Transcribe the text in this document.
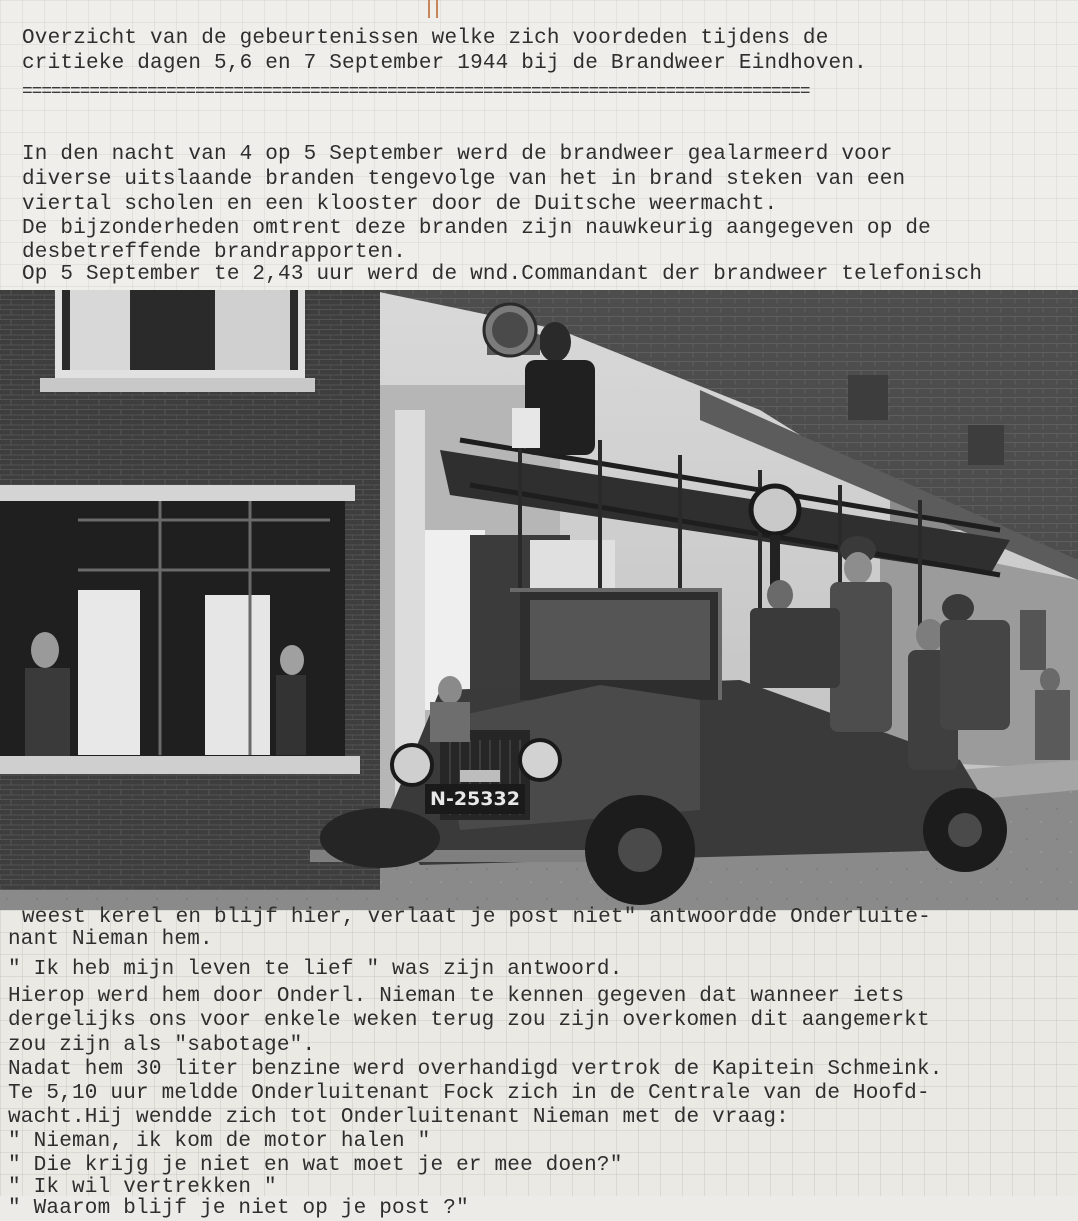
Overzicht van de gebeurtenissen welke zich voordeden tijdens de
critieke dagen 5,6 en 7 September 1944 bij de Brandweer Eindhoven.
==================================================================================
In den nacht van 4 op 5 September werd de brandweer gealarmeerd voor
diverse uitslaande branden tengevolge van het in brand steken van een
viertal scholen en een klooster door de Duitsche weermacht.
De bijzonderheden omtrent deze branden zijn nauwkeurig aangegeven op de
desbetreffende brandrapporten.
Op 5 September te 2,43 uur werd de wnd.Commandant der brandweer telefonisch
N-25332
weest kerel en blijf hier, verlaat je post niet" antwoordde Onderluite-
nant Nieman hem.
" Ik heb mijn leven te lief " was zijn antwoord.
Hierop werd hem door Onderl. Nieman te kennen gegeven dat wanneer iets
dergelijks ons voor enkele weken terug zou zijn overkomen dit aangemerkt
zou zijn als "sabotage".
Nadat hem 30 liter benzine werd overhandigd vertrok de Kapitein Schmeink.
Te 5,10 uur meldde Onderluitenant Fock zich in de Centrale van de Hoofd-
wacht.Hij wendde zich tot Onderluitenant Nieman met de vraag:
" Nieman, ik kom de motor halen "
" Die krijg je niet en wat moet je er mee doen?"
" Ik wil vertrekken "
" Waarom blijf je niet op je post ?"
